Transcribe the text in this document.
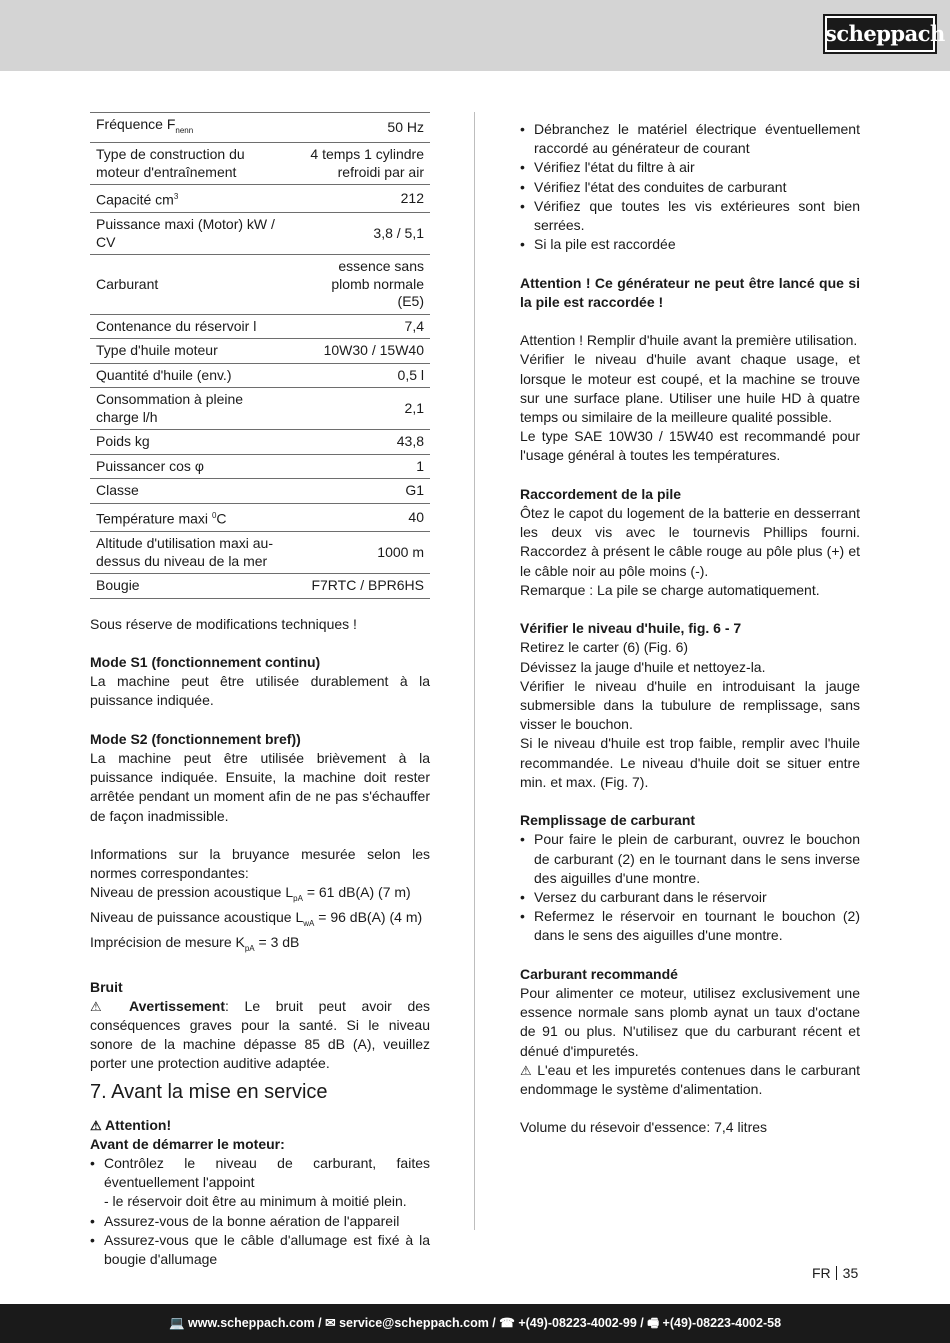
scheppach
Fréquence $F_{nenn}$	50 Hz
Type de construction du moteur d'entraînement	4 temps 1 cylindre refroidi par air
Capacité $cm^3$	212
Puissance maxi (Motor) kW / CV	3,8 / 5,1
Carburant	essence sans plomb normale (E5)
Contenance du réservoir l	7,4
Type d'huile moteur	10W30 / 15W40
Quantité d'huile (env.)	0,5 l
Consommation à pleine charge l/h	2,1
Poids kg	43,8
Puissancer cos φ	1
Classe	G1
Température maxi $^0$C	40
Altitude d'utilisation maxi au-dessus du niveau de la mer	1000 m
Bougie	F7RTC / BPR6HS

Sous réserve de modifications techniques !

Mode S1 (fonctionnement continu)

La machine peut être utilisée durablement à la puissance indiquée.

Mode S2 (fonctionnement bref))

La machine peut être utilisée brièvement à la puissance indiquée. Ensuite, la machine doit rester arrêtée pendant un moment afin de ne pas s'échauffer de façon inadmissible.

Informations sur la bruyance mesurée selon les normes correspondantes:

Niveau de pression acoustique $L_{pA} = 61$ dB(A) (7 m)

Niveau de puissance acoustique $L_{wA} = 96$ dB(A) (4 m)

Imprécision de mesure $K_{pA} = 3$ dB

Bruit

⚠ Avertissement: Le bruit peut avoir des conséquences graves pour la santé. Si le niveau sonore de la machine dépasse 85 dB (A), veuillez porter une protection auditive adaptée.

7. Avant la mise en service

⚠ Attention!

Avant de démarrer le moteur:

• Contrôlez le niveau de carburant, faites éventuellement l'appoint
- le réservoir doit être au minimum à moitié plein.
• Assurez-vous de la bonne aération de l'appareil
• Assurez-vous que le câble d'allumage est fixé à la bougie d'allumage
• Débranchez le matériel électrique éventuellement raccordé au générateur de courant
• Vérifiez l'état du filtre à air
• Vérifiez l'état des conduites de carburant
• Vérifiez que toutes les vis extérieures sont bien serrées.
• Si la pile est raccordée

Attention ! Ce générateur ne peut être lancé que si la pile est raccordée !

Attention ! Remplir d'huile avant la première utilisation.

Vérifier le niveau d'huile avant chaque usage, et lorsque le moteur est coupé, et la machine se trouve sur une surface plane. Utiliser une huile HD à quatre temps ou similaire de la meilleure qualité possible.

Le type SAE 10W30 / 15W40 est recommandé pour l'usage général à toutes les températures.

Raccordement de la pile

Ôtez le capot du logement de la batterie en desserrant les deux vis avec le tournevis Phillips fourni. Raccordez à présent le câble rouge au pôle plus (+) et le câble noir au pôle moins (-).

Remarque : La pile se charge automatiquement.

Vérifier le niveau d'huile, fig. 6 - 7

Retirez le carter (6) (Fig. 6)

Dévissez la jauge d'huile et nettoyez-la.

Vérifier le niveau d'huile en introduisant la jauge submersible dans la tubulure de remplissage, sans visser le bouchon.

Si le niveau d'huile est trop faible, remplir avec l'huile recommandée. Le niveau d'huile doit se situer entre min. et max. (Fig. 7).

Remplissage de carburant

• Pour faire le plein de carburant, ouvrez le bouchon de carburant (2) en le tournant dans le sens inverse des aiguilles d'une montre.
• Versez du carburant dans le réservoir
• Refermez le réservoir en tournant le bouchon (2) dans le sens des aiguilles d'une montre.

Carburant recommandé

Pour alimenter ce moteur, utilisez exclusivement une essence normale sans plomb aynat un taux d'octane de 91 ou plus. N'utilisez que du carburant récent et dénué d'impuretés.

⚠ L'eau et les impuretés contenues dans le carburant endommage le système d'alimentation.

Volume du résevoir d'essence: 7,4 litres

FR 35
💻 www.scheppach.com / ✉ service@scheppach.com / ☎ +(49)-08223-4002-99 / 🖷 +(49)-08223-4002-58
